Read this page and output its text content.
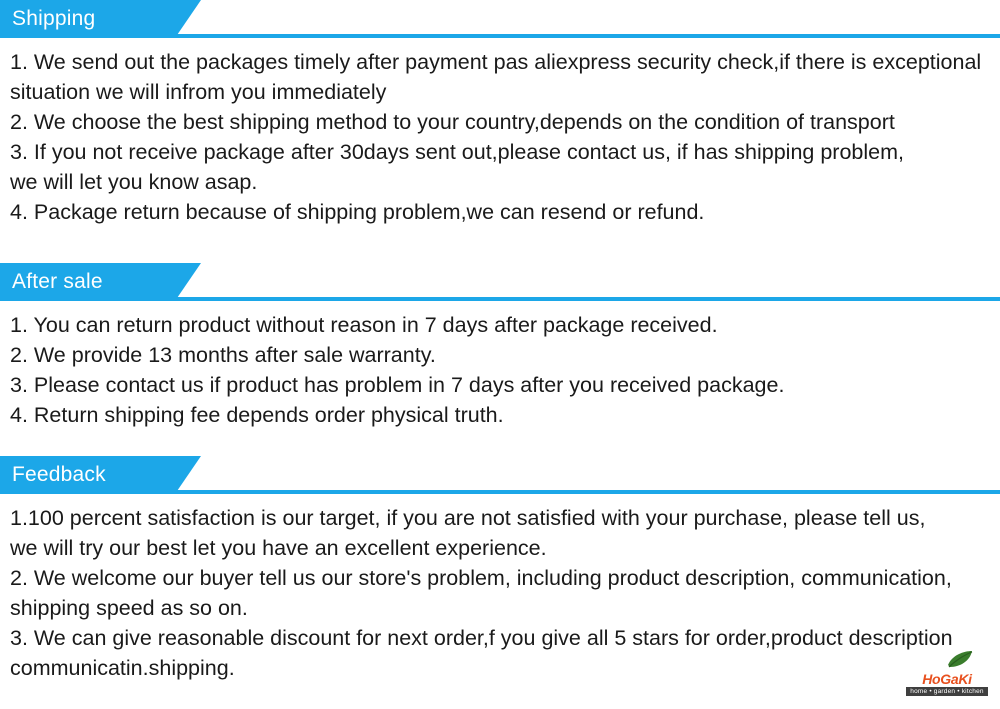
Shipping

1. We send out the packages timely after payment pas aliexpress security check,if there is exceptional

situation we will infrom you immediately

2. We choose the best shipping method to your country,depends on the condition of transport

3. If you not receive package after 30days sent out,please contact us, if has shipping problem,

we will let you know asap.

4. Package return because of shipping problem,we can resend or refund.

After sale

1. You can return product without reason in 7 days after package received.

2. We provide 13 months after sale warranty.

3. Please contact us if product has problem in 7 days after you received package.

4. Return shipping fee depends order physical truth.

Feedback

1.100 percent satisfaction is our target, if you are not satisfied with your purchase, please tell us,

we will try our best let you have an excellent experience.

2. We welcome our buyer tell us our store's problem, including product description, communication,

shipping speed as so on.

3. We can give reasonable discount for next order,f you give all 5 stars for order,product description

communicatin.shipping.	HoGaKi
home • garden • kitchen
